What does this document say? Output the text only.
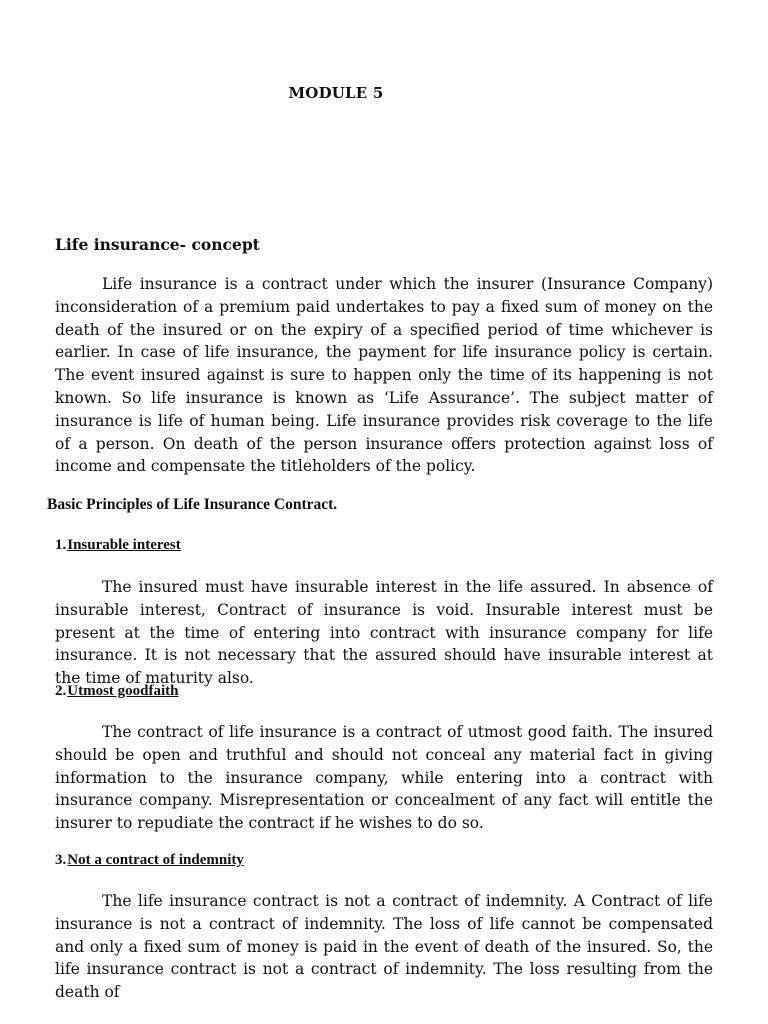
MODULE 5
Life insurance- concept

Life insurance is a contract under which the insurer (Insurance Company) inconsideration of a premium paid undertakes to pay a fixed sum of money on the death of the insured or on the expiry of a specified period of time whichever is earlier. In case of life insurance, the payment for life insurance policy is certain. The event insured against is sure to happen only the time of its happening is not known. So life insurance is known as ‘Life Assurance’. The subject matter of insurance is life of human being. Life insurance provides risk coverage to the life of a person. On death of the person insurance offers protection against loss of income and compensate the titleholders of the policy.

Basic Principles of Life Insurance Contract.
1.Insurable interest

The insured must have insurable interest in the life assured. In absence of insurable interest, Contract of insurance is void. Insurable interest must be present at the time of entering into contract with insurance company for life insurance. It is not necessary that the assured should have insurable interest at the time of maturity also.

2.Utmost goodfaith

The contract of life insurance is a contract of utmost good faith. The insured should be open and truthful and should not conceal any material fact in giving information to the insurance company, while entering into a contract with insurance company. Misrepresentation or concealment of any fact will entitle the insurer to repudiate the contract if he wishes to do so.

3.Not a contract of indemnity

The life insurance contract is not a contract of indemnity. A Contract of life insurance is not a contract of indemnity. The loss of life cannot be compensated and only a fixed sum of money is paid in the event of death of the insured. So, the life insurance contract is not a contract of indemnity. The loss resulting from the death of
